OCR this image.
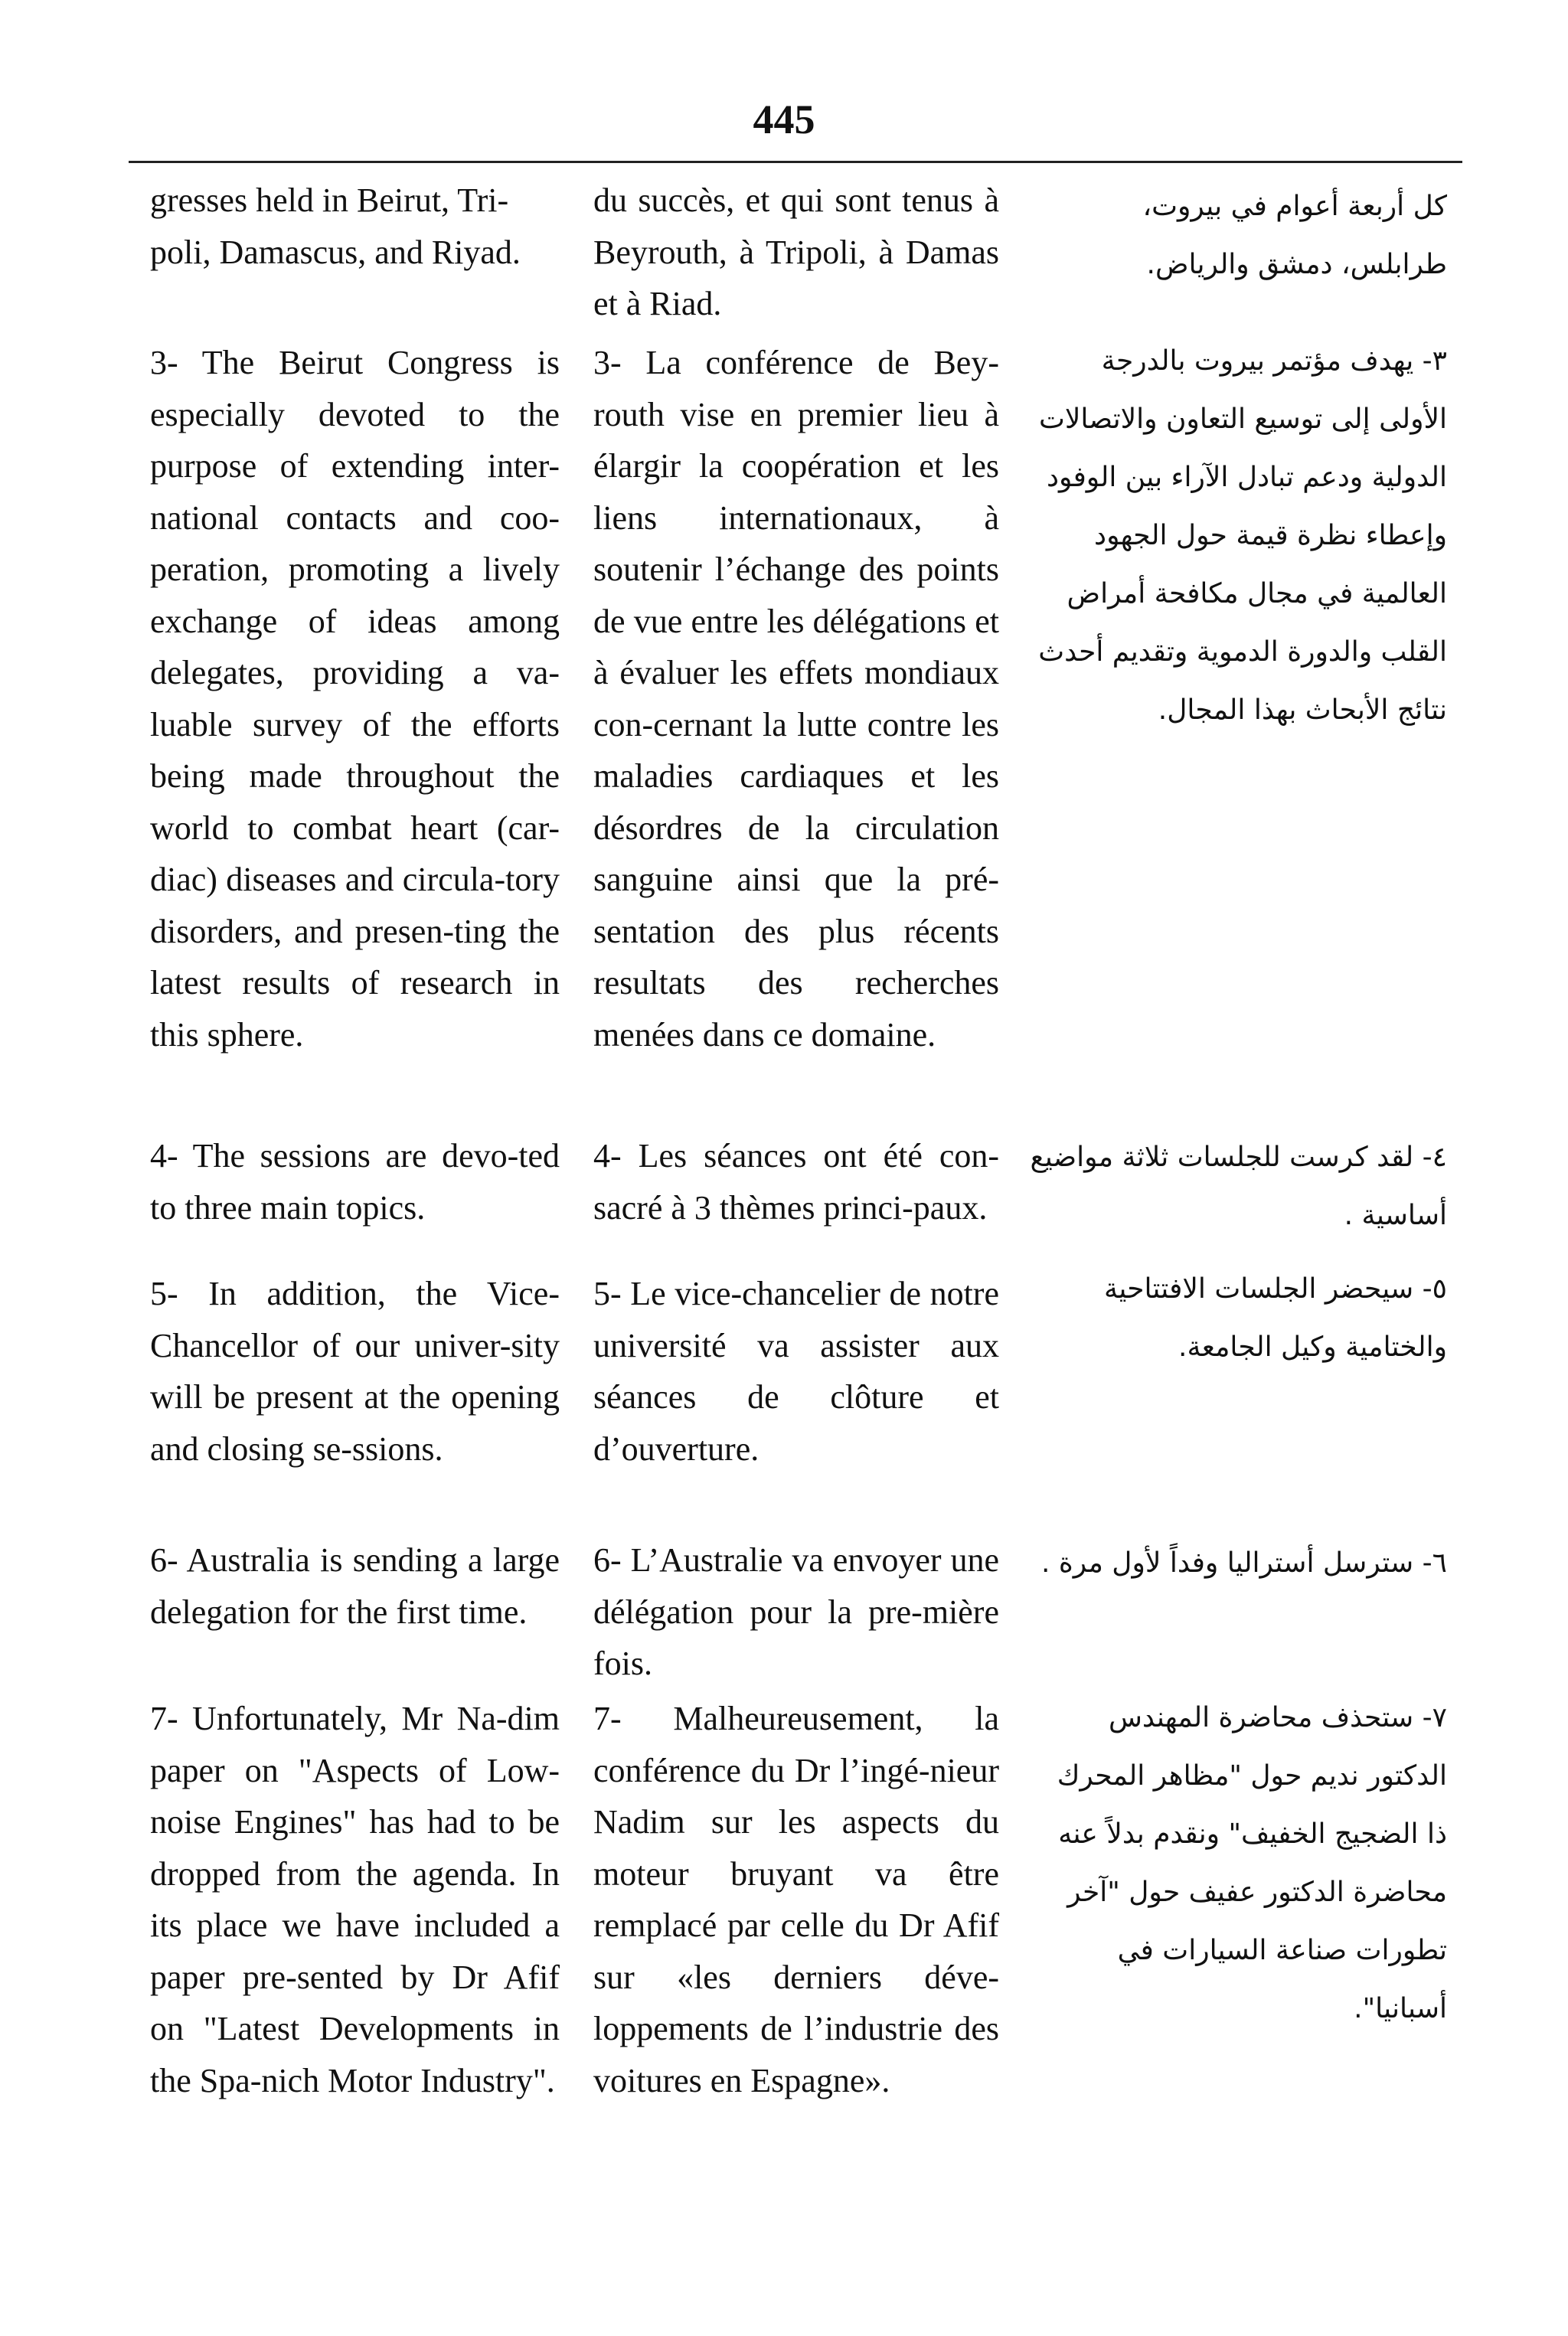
445

gresses held in Beirut, Tri-
poli, Damascus, and Riyad.

3- The Beirut Congress is especially devoted to the purpose of extending inter-national contacts and coo-peration, promoting a lively exchange of ideas among delegates, providing a va-luable survey of the efforts being made throughout the world to combat heart (car-diac) diseases and circula-tory disorders, and presen-ting the latest results of research in this sphere.

4- The sessions are devo-ted to three main topics.

5- In addition, the Vice-Chancellor of our univer-sity will be present at the opening and closing se-ssions.

6- Australia is sending a large delegation for the first time.

7- Unfortunately, Mr Na-dim paper on "Aspects of Low-noise Engines" has had to be dropped from the agenda. In its place we have included a paper pre-sented by Dr Afif on "Latest Developments in the Spa-nich Motor Industry".

du succès, et qui sont tenus à Beyrouth, à Tripoli, à Damas et à Riad.

3- La conférence de Bey-routh vise en premier lieu à élargir la coopération et les liens internationaux, à soutenir l’échange des points de vue entre les délégations et à évaluer les effets mondiaux con-cernant la lutte contre les maladies cardiaques et les désordres de la circulation sanguine ainsi que la pré-sentation des plus récents resultats des recherches menées dans ce domaine.

4- Les séances ont été con-sacré à 3 thèmes princi-paux.

5- Le vice-chancelier de notre université va assister aux séances de clôture et d’ouverture.

6- L’Australie va envoyer une délégation pour la pre-mière fois.

7- Malheureusement, la conférence du Dr l’ingé-nieur Nadim sur les aspects du moteur bruyant va être remplacé par celle du Dr Afif sur «les derniers déve-loppements de l’industrie des voitures en Espagne».

كل أربعة أعوام في بيروت، طرابلس، دمشق والرياض.

٣- يهدف مؤتمر بيروت بالدرجة الأولى إلى توسيع التعاون والاتصالات الدولية ودعم تبادل الآراء بين الوفود وإعطاء نظرة قيمة حول الجهود العالمية في مجال مكافحة أمراض القلب والدورة الدموية وتقديم أحدث نتائج الأبحاث بهذا المجال.

٤- لقد كرست للجلسات ثلاثة مواضيع أساسية .

٥- سيحضر الجلسات الافتتاحية والختامية وكيل الجامعة.

٦- سترسل أستراليا وفداً لأول مرة .

٧- ستحذف محاضرة المهندس الدكتور نديم حول "مظاهر المحرك ذا الضجيج الخفيف" ونقدم بدلاً عنه محاضرة الدكتور عفيف حول "آخر تطورات صناعة السيارات في أسبانيا".
